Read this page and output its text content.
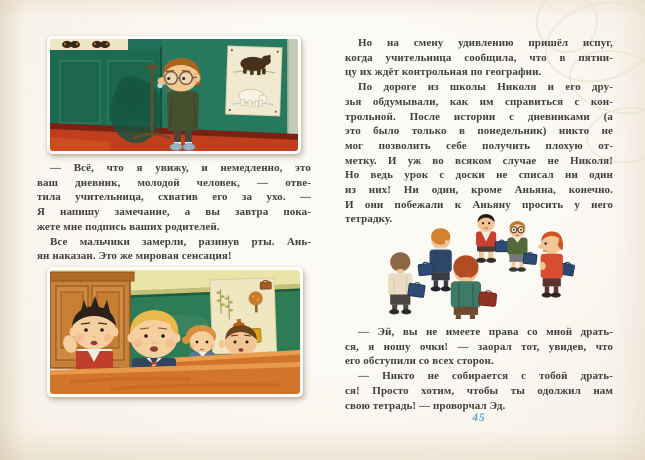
— Всё, что я увижу, и немедленно, это
ваш дневник, молодой человек, — отве-
тила учительница, схватив его за ухо. —
Я напишу замечание, а вы завтра пока-
жете мне подпись ваших родителей.
Все мальчики замерли, разинув рты. Ань-
ян наказан. Это же мировая сенсация!
Но на смену удивлению пришёл испуг,
когда учительница сообщила, что в пятни-
цу их ждёт контрольная по географии.
По дороге из школы Николя и его дру-
зья обдумывали, как им справиться с кон-
трольной. После истории с дневниками (а
это было только в понедельник) никто не
мог позволить себе получить плохую от-
метку. И уж во всяком случае не Николя!
Но ведь урок с доски не списал ни один
из них! Ни один, кроме Аньяна, конечно.
И они побежали к Аньяну просить у него
тетрадку.
— Эй, вы не имеете права со мной драть-
ся, я ношу очки! — заорал тот, увидев, что
его обступили со всех сторон.
— Никто не собирается с тобой драть-
ся! Просто хотим, чтобы ты одолжил нам
свою тетрадь! — проворчал Эд.
45
